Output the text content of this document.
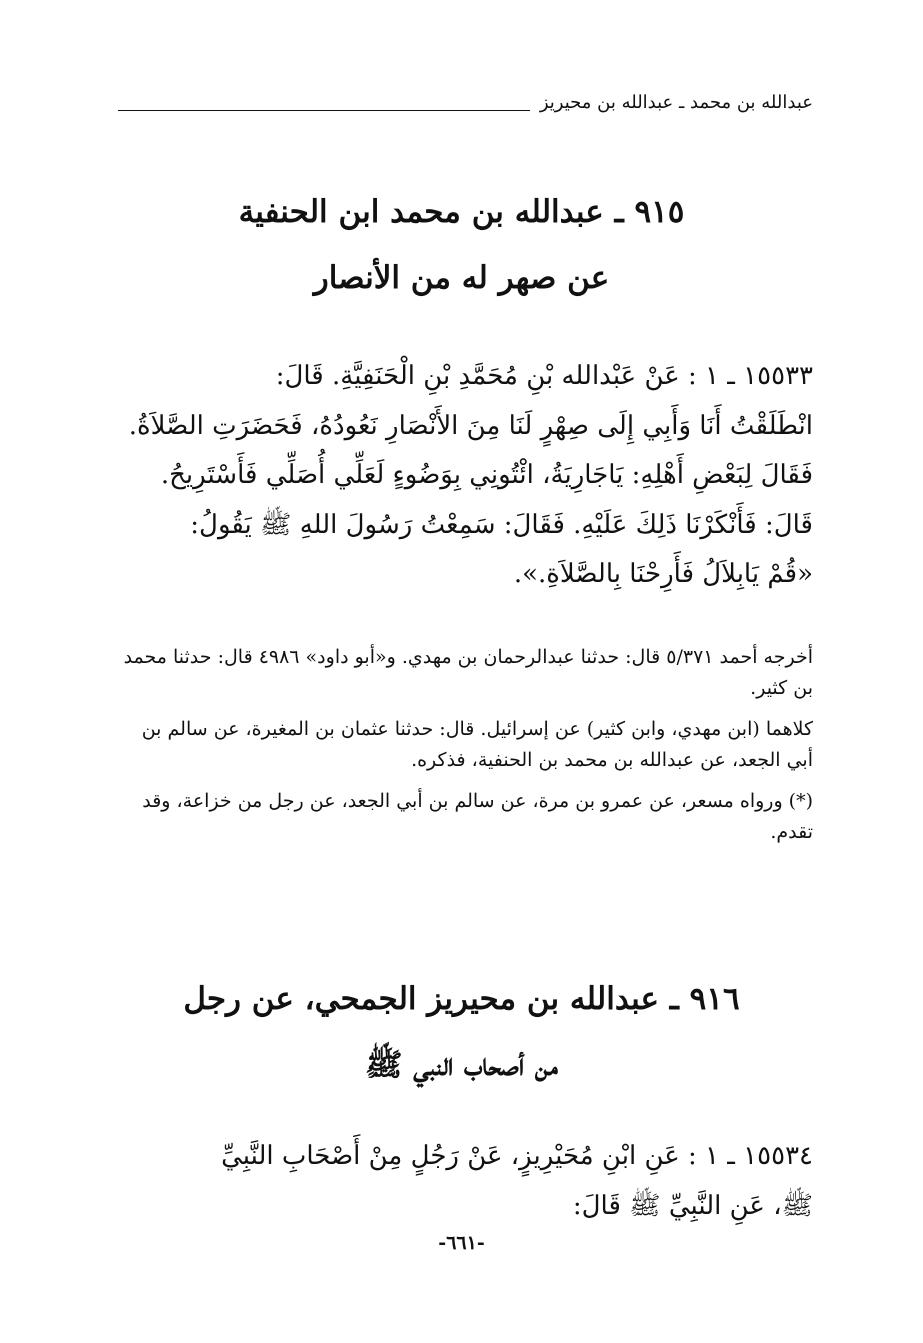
عبدالله بن محمد ـ عبدالله بن محيريز
٩١٥ ـ عبدالله بن محمد ابن الحنفية
عن صهر له من الأنصار
١٥٥٣٣ ـ ١ : عَنْ عَبْدالله بْنِ مُحَمَّدِ بْنِ الْحَنَفِيَّةِ. قَالَ:
انْطَلَقْتُ أَنَا وَأَبِي إِلَى صِهْرٍ لَنَا مِنَ الأَنْصَارِ نَعُودُهُ، فَحَضَرَتِ الصَّلاَةُ.
فَقَالَ لِبَعْضِ أَهْلِهِ: يَاجَارِيَةُ، ائْتُونِي بِوَضُوءٍ لَعَلِّي أُصَلِّي فَأَسْتَرِيحُ.
قَالَ: فَأَنْكَرْنَا ذَلِكَ عَلَيْهِ. فَقَالَ: سَمِعْتُ رَسُولَ اللهِ ﷺ يَقُولُ:
«قُمْ يَابِلاَلُ فَأَرِحْنَا بِالصَّلاَةِ.».

أخرجه أحمد ٥/٣٧١ قال: حدثنا عبدالرحمان بن مهدي. و«أبو داود» ٤٩٨٦ قال: حدثنا محمد بن كثير.

كلاهما (ابن مهدي، وابن كثير) عن إسرائيل. قال: حدثنا عثمان بن المغيرة، عن سالم بن أبي الجعد، عن عبدالله بن محمد بن الحنفية، فذكره.

(*) ورواه مسعر، عن عمرو بن مرة، عن سالم بن أبي الجعد، عن رجل من خزاعة، وقد تقدم.

٩١٦ ـ عبدالله بن محيريز الجمحي، عن رجل
من أصحاب النبي ﷺ
١٥٥٣٤ ـ ١ : عَنِ ابْنِ مُحَيْرِيزٍ، عَنْ رَجُلٍ مِنْ أَصْحَابِ النَّبِيِّ
ﷺ، عَنِ النَّبِيِّ ﷺ قَالَ:
-٦٦١-
